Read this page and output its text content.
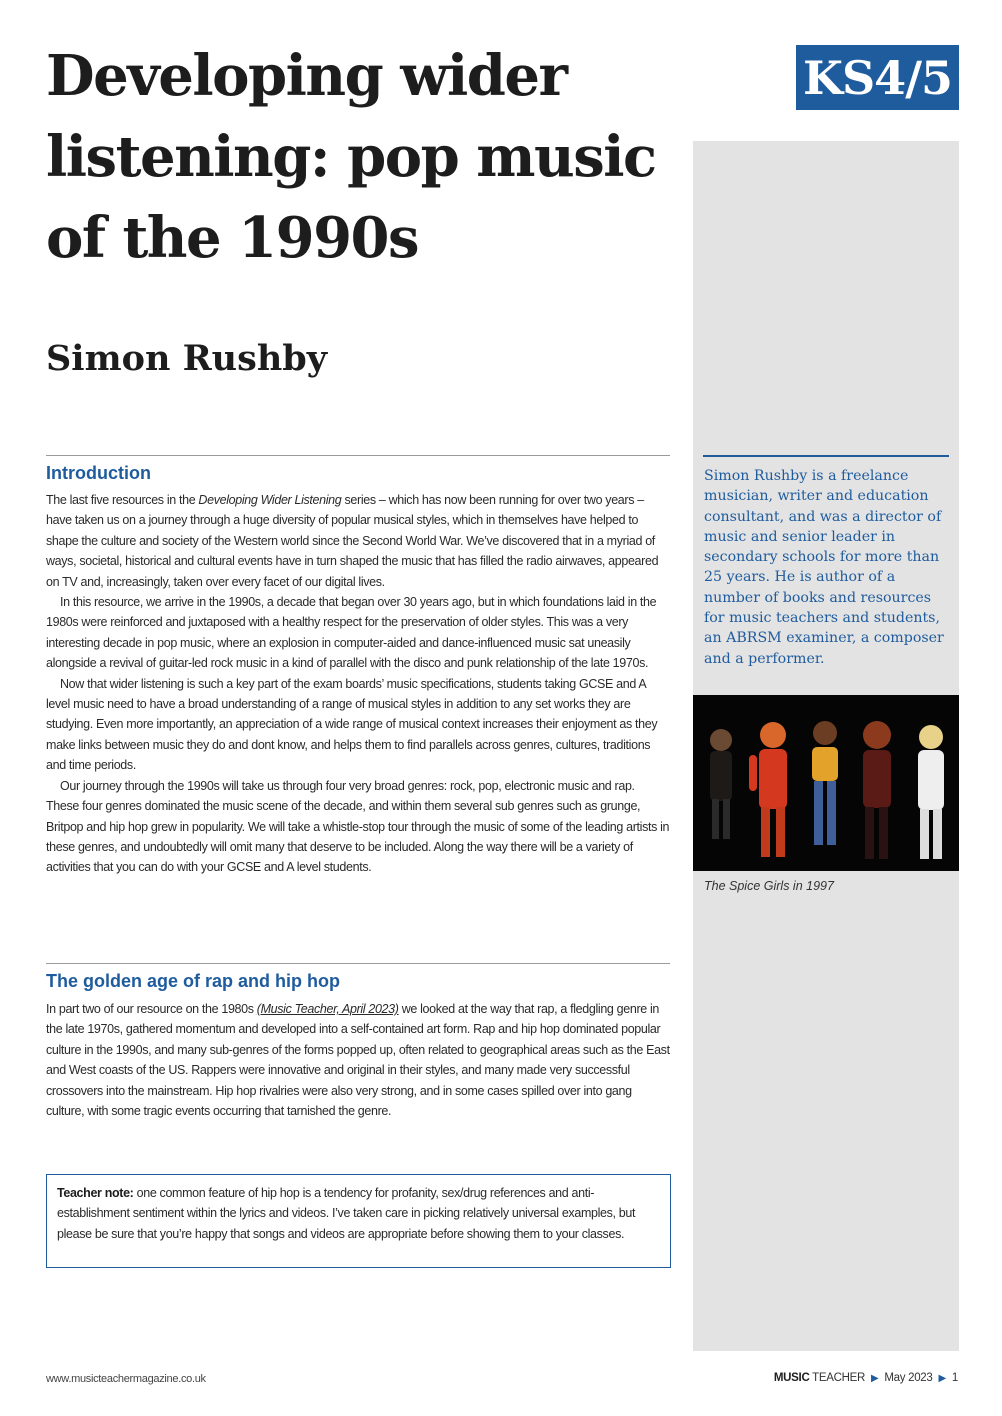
Developing wider
listening: pop music
of the 1990s
KS4/5
Simon Rushby
Simon Rushby is a freelance musician, writer and education consultant, and was a director of music and senior leader in secondary schools for more than 25 years. He is author of a number of books and resources for music teachers and students, an ABRSM examiner, a composer and a performer.
The Spice Girls in 1997
Introduction

The last five resources in the Developing Wider Listening series – which has now been running for over two years – have taken us on a journey through a huge diversity of popular musical styles, which in themselves have helped to shape the culture and society of the Western world since the Second World War. We’ve discovered that in a myriad of ways, societal, historical and cultural events have in turn shaped the music that has filled the radio airwaves, appeared on TV and, increasingly, taken over every facet of our digital lives.

In this resource, we arrive in the 1990s, a decade that began over 30 years ago, but in which foundations laid in the 1980s were reinforced and juxtaposed with a healthy respect for the preservation of older styles. This was a very interesting decade in pop music, where an explosion in computer-aided and dance-influenced music sat uneasily alongside a revival of guitar-led rock music in a kind of parallel with the disco and punk relationship of the late 1970s.

Now that wider listening is such a key part of the exam boards’ music specifications, students taking GCSE and A level music need to have a broad understanding of a range of musical styles in addition to any set works they are studying. Even more importantly, an appreciation of a wide range of musical context increases their enjoyment as they make links between music they do and dont know, and helps them to find parallels across genres, cultures, traditions and time periods.

Our journey through the 1990s will take us through four very broad genres: rock, pop, electronic music and rap. These four genres dominated the music scene of the decade, and within them several sub genres such as grunge, Britpop and hip hop grew in popularity. We will take a whistle-stop tour through the music of some of the leading artists in these genres, and undoubtedly will omit many that deserve to be included. Along the way there will be a variety of activities that you can do with your GCSE and A level students.

The golden age of rap and hip hop

In part two of our resource on the 1980s (Music Teacher, April 2023) we looked at the way that rap, a fledgling genre in the late 1970s, gathered momentum and developed into a self-contained art form. Rap and hip hop dominated popular culture in the 1990s, and many sub-genres of the forms popped up, often related to geographical areas such as the East and West coasts of the US. Rappers were innovative and original in their styles, and many made very successful crossovers into the mainstream. Hip hop rivalries were also very strong, and in some cases spilled over into gang culture, with some tragic events occurring that tarnished the genre.

Teacher note: one common feature of hip hop is a tendency for profanity, sex/drug references and anti-establishment sentiment within the lyrics and videos. I’ve taken care in picking relatively universal examples, but please be sure that you’re happy that songs and videos are appropriate before showing them to your classes.
www.musicteachermagazine.co.uk	MUSIC TEACHER ▶ May 2023 ▶ 1
